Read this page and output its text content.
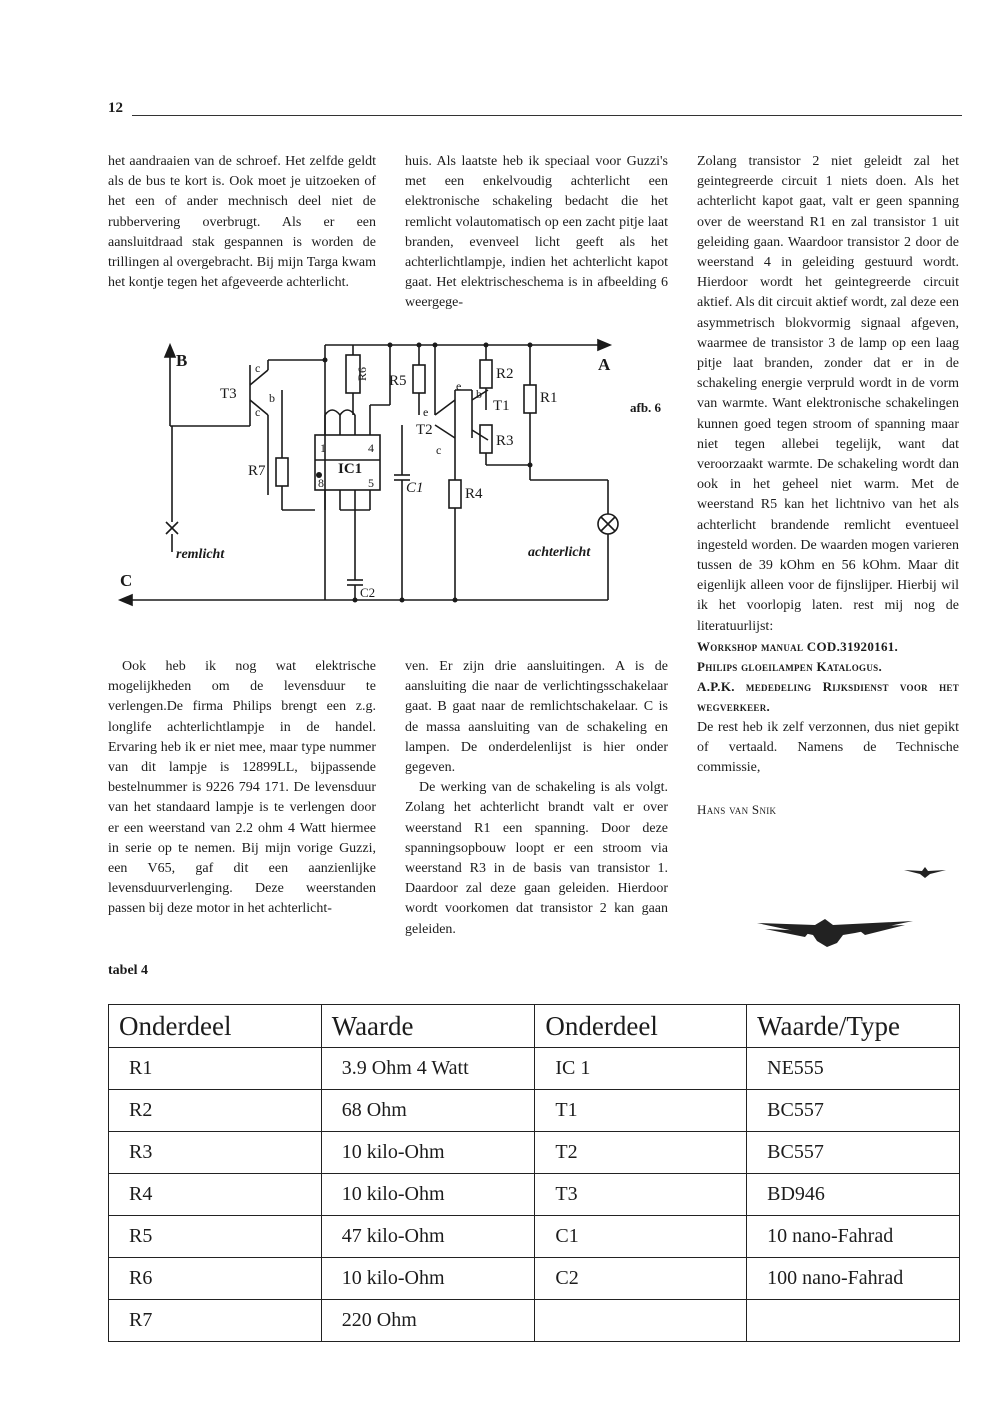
12

het aandraaien van de schroef. Het zelfde geldt als de bus te kort is. Ook moet je uitzoeken of het een of ander mechnisch deel niet de rubbervering overbrugt. Als er een aansluitdraad stak gespannen is worden de trillingen al overgebracht. Bij mijn Targa kwam het kontje tegen het afgeveerde achterlicht.

Ook heb ik nog wat elektrische mogelijkheden om de levensduur te verlengen.De firma Philips brengt een z.g. longlife achterlichtlampje in de handel. Ervaring heb ik er niet mee, maar type nummer van dit lampje is 12899LL, bijpassende bestelnummer is 9226 794 171. De levensduur van het standaard lampje is te verlengen door er een weerstand van 2.2 ohm 4 Watt hiermee in serie op te nemen. Bij mijn vorige Guzzi, een V65, gaf dit een aanzienlijke levensduurverlenging. Deze weerstanden passen bij deze motor in het achterlicht-

huis. Als laatste heb ik speciaal voor Guzzi's met een enkelvoudig achterlicht een elektronische schakeling bedacht die het remlicht volautomatisch op een zacht pitje laat branden, evenveel licht geeft als het achterlichtlampje, indien het achterlicht kapot gaat. Het elektrischeschema is in afbeelding 6 weergege-

ven. Er zijn drie aansluitingen. A is de aansluiting die naar de verlichtingsschakelaar gaat. B gaat naar de remlichtschakelaar. C is de massa aansluiting van de schakeling en lampen. De onderdelenlijst is hier onder gegeven.

De werking van de schakeling is als volgt. Zolang het achterlicht brandt valt er over weerstand R1 een spanning. Door deze spanningsopbouw loopt er een stroom via weerstand R3 in de basis van transistor 1. Daardoor zal deze gaan geleiden. Hierdoor wordt voorkomen dat transistor 2 kan gaan geleiden.

Zolang transistor 2 niet geleidt zal het geintegreerde circuit 1 niets doen. Als het achterlicht kapot gaat, valt er geen spanning over de weerstand R1 en zal transistor 1 uit geleiding gaan. Waardoor transistor 2 door de weerstand 4 in geleiding gestuurd wordt. Hierdoor wordt het geintegreerde circuit aktief. Als dit circuit aktief wordt, zal deze een asymmetrisch blokvormig signaal afgeven, waarmee de transistor 3 de lamp op een laag pitje laat branden, zonder dat er in de schakeling energie verpruld wordt in de vorm van warmte. Want elektronische schakelingen kunnen goed tegen stroom of spanning maar niet tegen allebei tegelijk, want dat veroorzaakt warmte. De schakeling wordt dan ook in het geheel niet warm. Met de weerstand R5 kan het lichtnivo van het als achterlicht brandende remlicht eventueel ingesteld worden. De waarden mogen varieren tussen de 39 kOhm en 56 kOhm. Maar dit eigenlijk alleen voor de fijnslijper. Hierbij wil ik het voorlopig laten. rest mij nog de literatuurlijst:

Workshop manual COD.31920161.

Philips gloeilampen Katalogus.

A.P.K. mededeling Rijksdienst voor het wegverkeer.

De rest heb ik zelf verzonnen, dus niet gepikt of vertaald. Namens de Technische commissie,

Hans van Snik

B	A
C
T3
R7
R5
R6	R2
R1
T1
R3
T2
R4
C1
C2
IC1
1	4
8	5
remlicht	achterlicht
afb. 6
c
b
c	e
e
b
c
tabel 4
Onderdeel	Waarde	Onderdeel	Waarde/Type
R1	3.9 Ohm 4 Watt	IC 1	NE555
R2	68 Ohm	T1	BC557
R3	10 kilo-Ohm	T2	BC557
R4	10 kilo-Ohm	T3	BD946
R5	47 kilo-Ohm	C1	10 nano-Fahrad
R6	10 kilo-Ohm	C2	100 nano-Fahrad
R7	220 Ohm		
